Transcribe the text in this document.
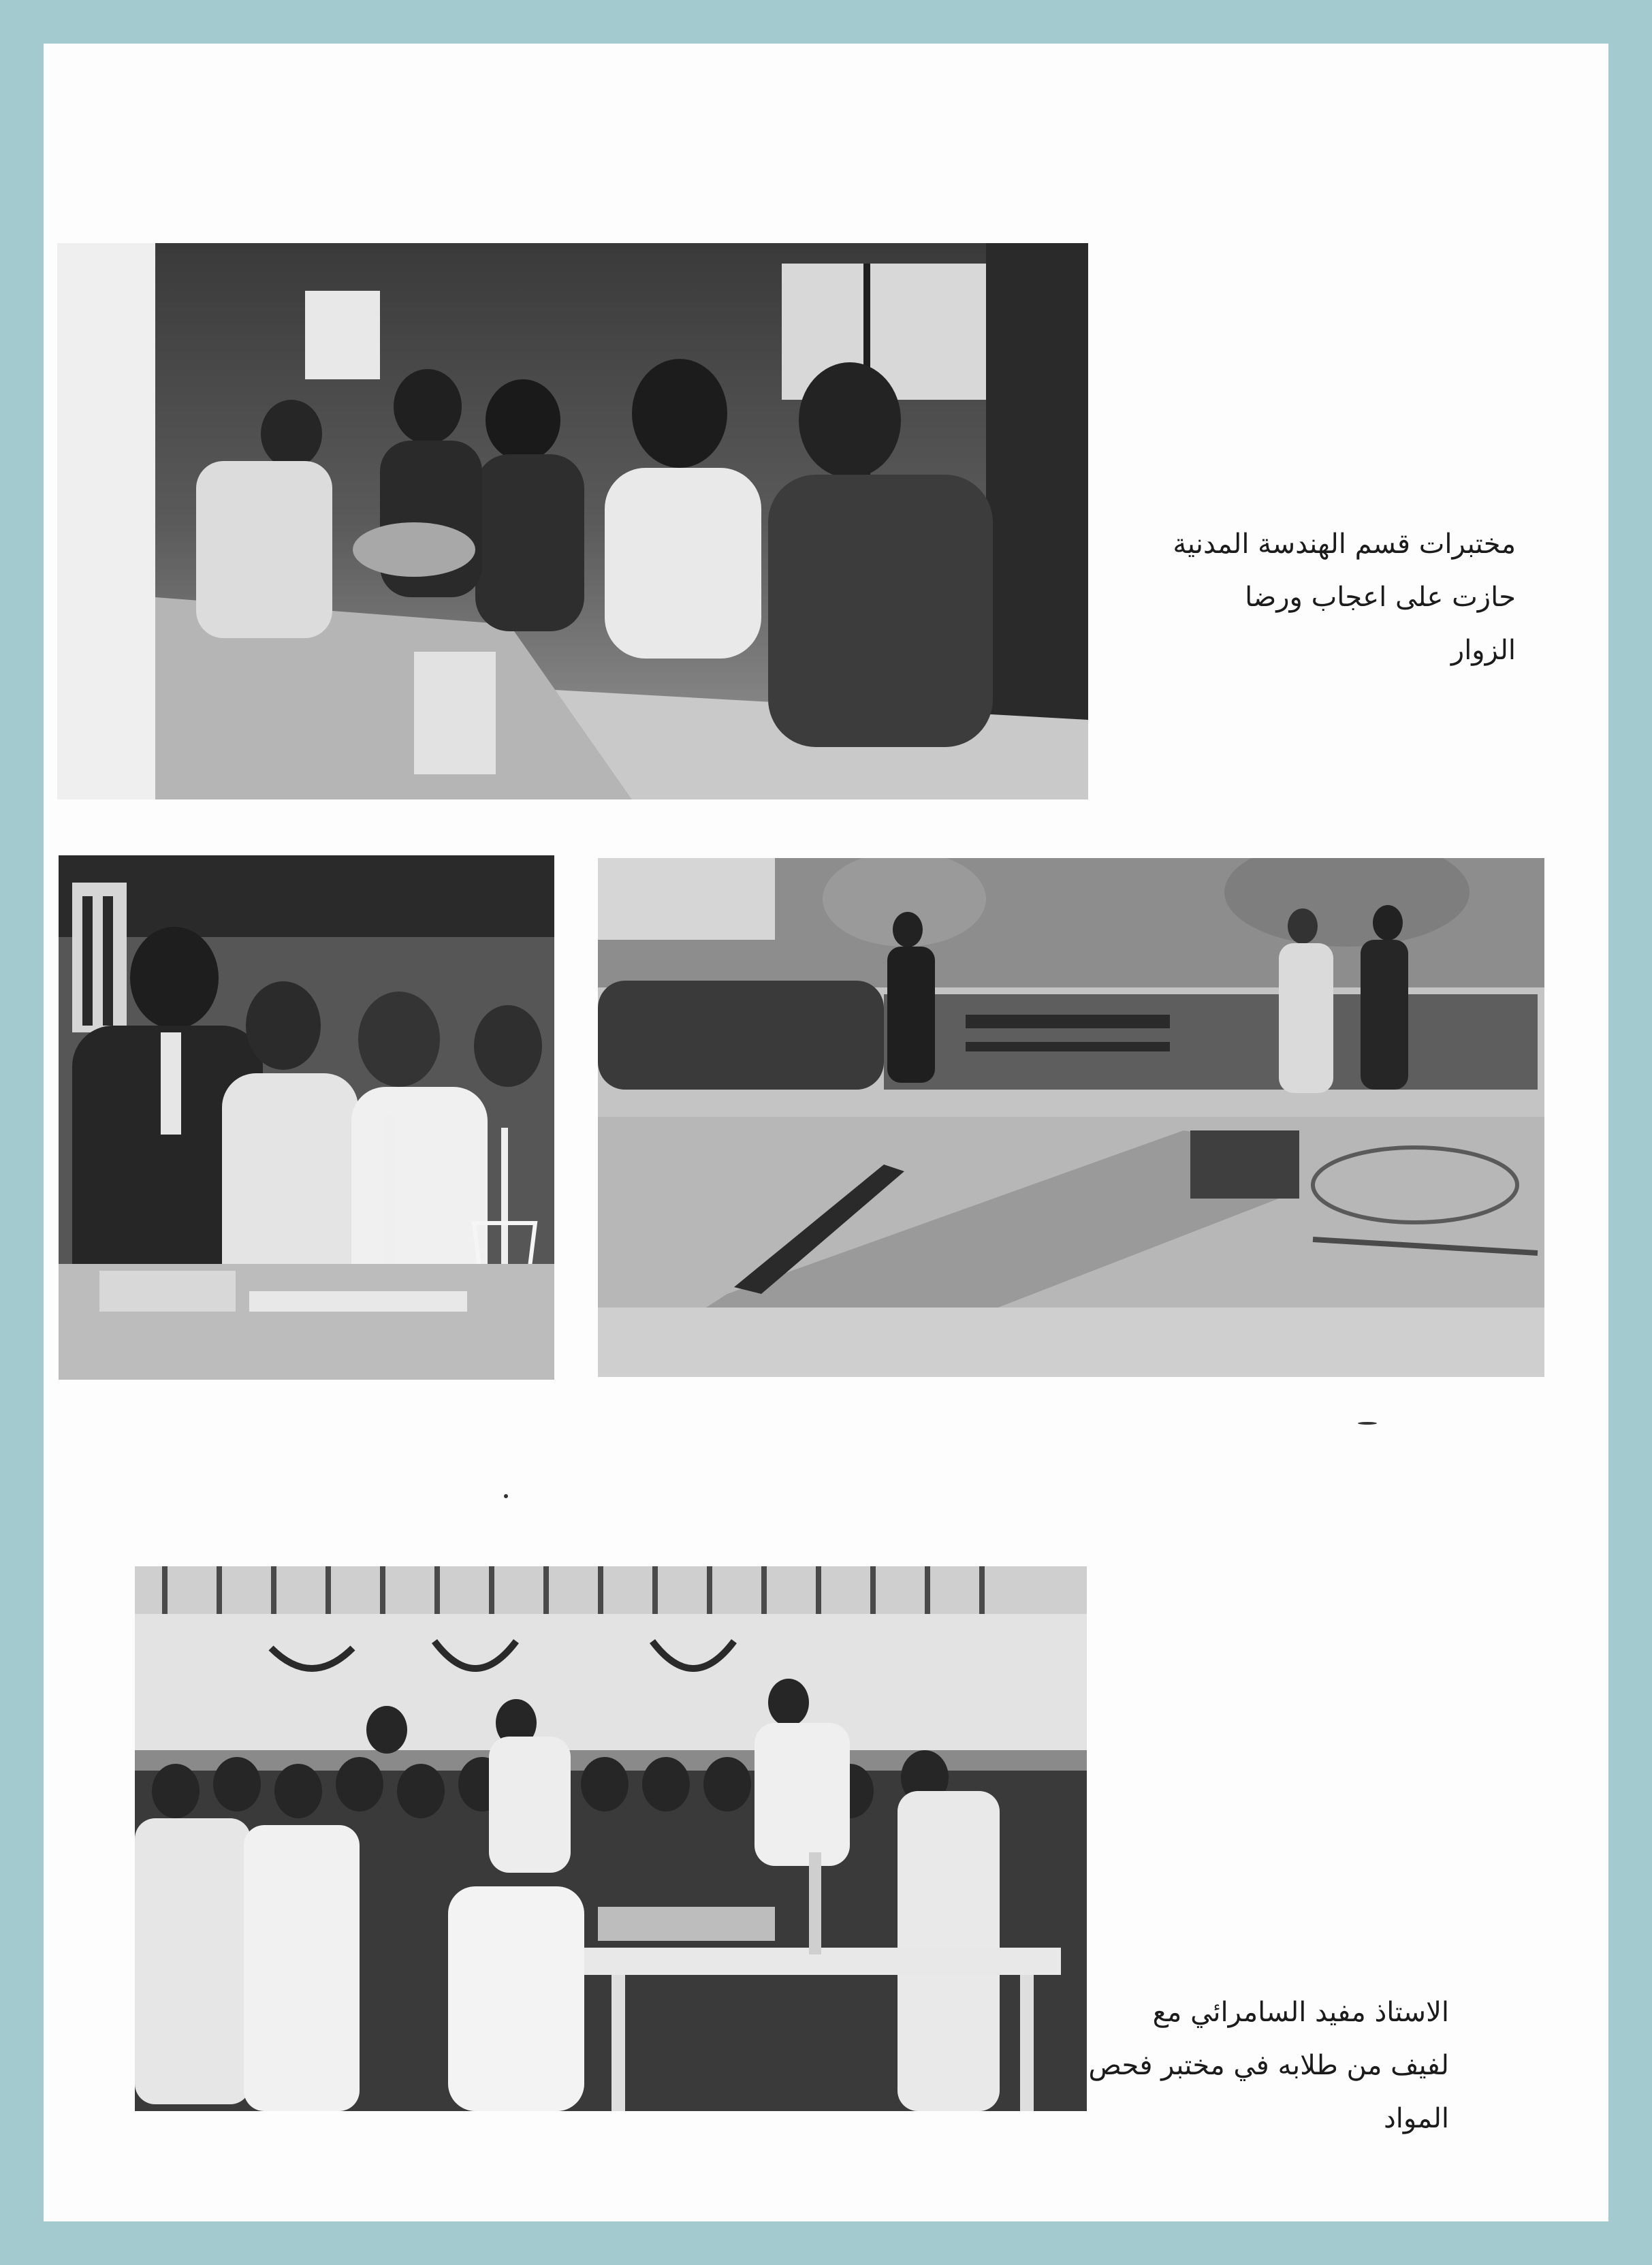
مختبرات قسم الهندسة المدنية
حازت على اعجاب ورضا
الزوار
الاستاذ مفيد السامرائي مع
لفيف من طلابه في مختبر فحص
المواد
